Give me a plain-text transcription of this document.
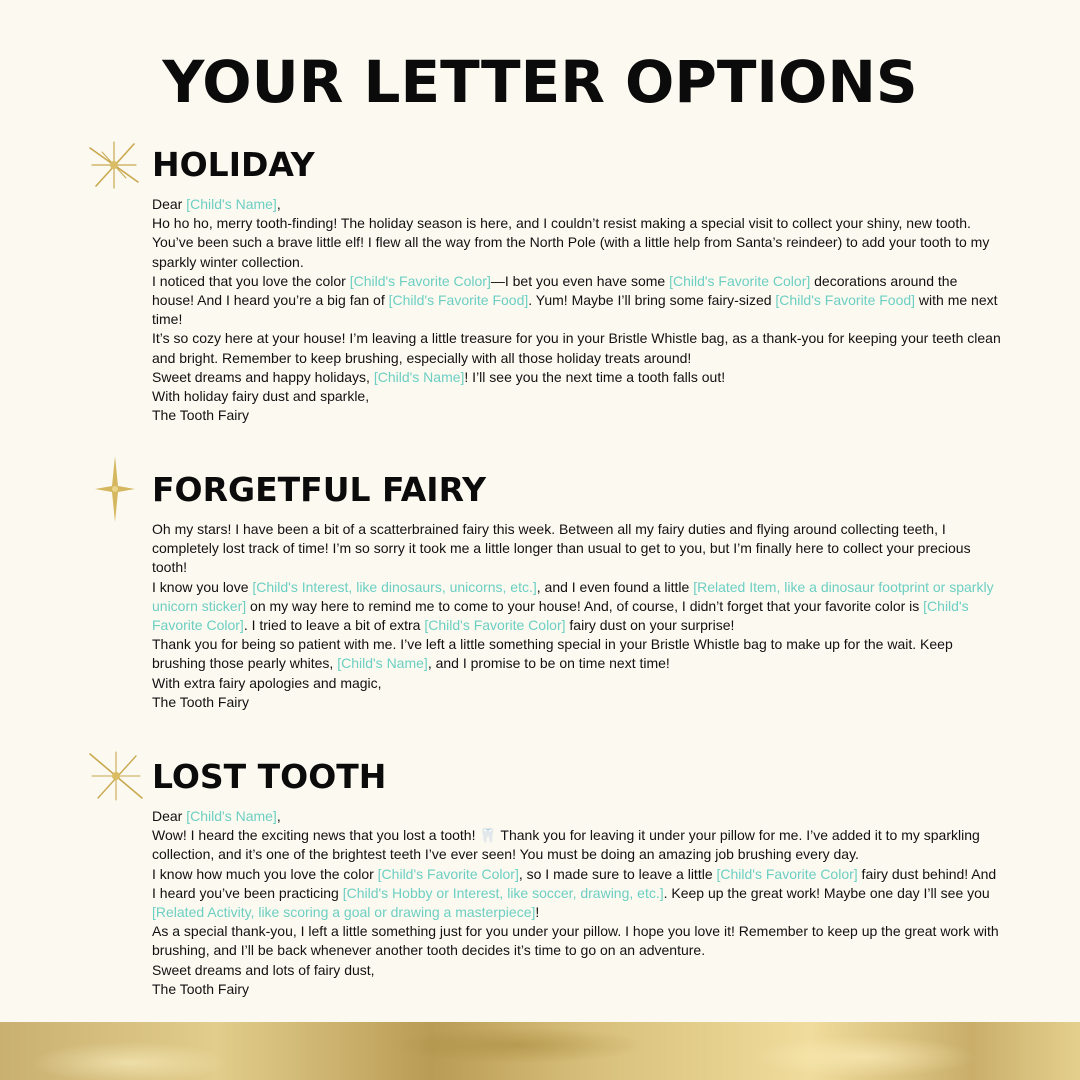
YOUR LETTER OPTIONS
HOLIDAY

Dear [Child's Name],

Ho ho ho, merry tooth-finding! The holiday season is here, and I couldn’t resist making a special visit to collect your shiny, new tooth. You’ve been such a brave little elf! I flew all the way from the North Pole (with a little help from Santa’s reindeer) to add your tooth to my sparkly winter collection.

I noticed that you love the color [Child's Favorite Color]—I bet you even have some [Child's Favorite Color] decorations around the house! And I heard you’re a big fan of [Child's Favorite Food]. Yum! Maybe I’ll bring some fairy-sized [Child's Favorite Food] with me next time!

It’s so cozy here at your house! I’m leaving a little treasure for you in your Bristle Whistle bag, as a thank-you for keeping your teeth clean and bright. Remember to keep brushing, especially with all those holiday treats around!

Sweet dreams and happy holidays, [Child's Name]! I’ll see you the next time a tooth falls out!

With holiday fairy dust and sparkle,

The Tooth Fairy

FORGETFUL FAIRY

Oh my stars! I have been a bit of a scatterbrained fairy this week. Between all my fairy duties and flying around collecting teeth, I completely lost track of time! I’m so sorry it took me a little longer than usual to get to you, but I’m finally here to collect your precious tooth!

I know you love [Child's Interest, like dinosaurs, unicorns, etc.], and I even found a little [Related Item, like a dinosaur footprint or sparkly unicorn sticker] on my way here to remind me to come to your house! And, of course, I didn’t forget that your favorite color is [Child's Favorite Color]. I tried to leave a bit of extra [Child's Favorite Color] fairy dust on your surprise!

Thank you for being so patient with me. I’ve left a little something special in your Bristle Whistle bag to make up for the wait. Keep brushing those pearly whites, [Child's Name], and I promise to be on time next time!

With extra fairy apologies and magic,

The Tooth Fairy

LOST TOOTH

Dear [Child's Name],

Wow! I heard the exciting news that you lost a tooth! 🦷 Thank you for leaving it under your pillow for me. I’ve added it to my sparkling collection, and it’s one of the brightest teeth I’ve ever seen! You must be doing an amazing job brushing every day.

I know how much you love the color [Child's Favorite Color], so I made sure to leave a little [Child's Favorite Color] fairy dust behind! And I heard you’ve been practicing [Child's Hobby or Interest, like soccer, drawing, etc.]. Keep up the great work! Maybe one day I’ll see you [Related Activity, like scoring a goal or drawing a masterpiece]!

As a special thank-you, I left a little something just for you under your pillow. I hope you love it! Remember to keep up the great work with brushing, and I’ll be back whenever another tooth decides it’s time to go on an adventure.

Sweet dreams and lots of fairy dust,

The Tooth Fairy
